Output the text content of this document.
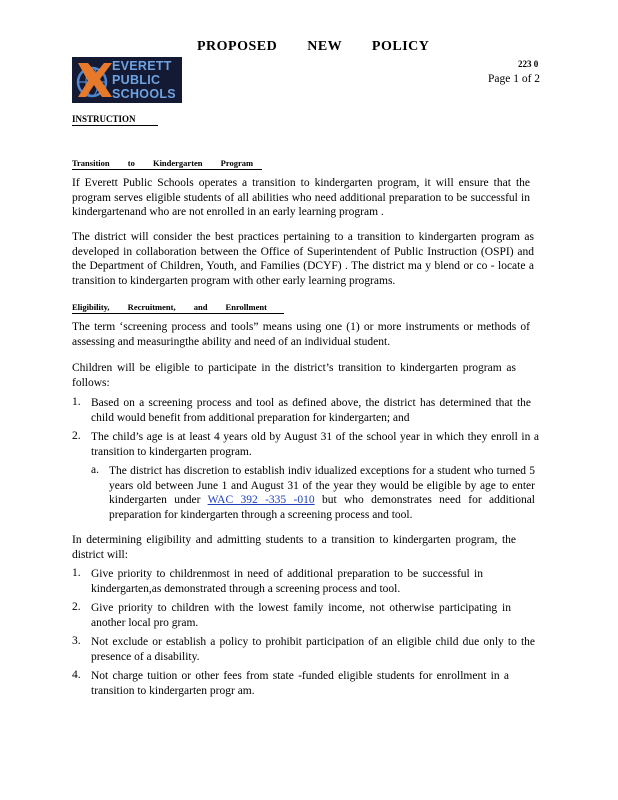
PROPOSED NEW POLICY
EVERETT
PUBLIC
SCHOOLS
223 0
Page 1 of 2
INSTRUCTION
Transition to Kindergarten Program
If Everett Public Schools operates a transition to kindergarten program, it will ensure that the program serves eligible students of all abilities who need additional preparation to be successful in kindergartenand who are not enrolled in an early learning program .
The district will consider the best practices pertaining to a transition to kindergarten program as developed in collaboration between the Office of Superintendent of Public Instruction (OSPI) and the Department of Children, Youth, and Families (DCYF) . The district ma y blend or co - locate a transition to kindergarten program with other early learning programs.
Eligibility, Recruitment, and Enrollment
The term ‘screening process and tools” means using one (1) or more instruments or methods of assessing and measuringthe ability and need of an individual student.
Children will be eligible to participate in the district’s transition to kindergarten program as follows:
1. Based on a screening process and tool as defined above, the district has determined that the child would benefit from additional preparation for kindergarten; and
2. The child’s age is at least 4 years old by August 31 of the school year in which they enroll in a transition to kindergarten program.
a. The district has discretion to establish indiv idualized exceptions for a student who turned 5 years old between June 1 and August 31 of the year they would be eligible by age to enter kindergarten under WAC 392 -335 -010 but who demonstrates need for additional preparation for kindergarten through a screening process and tool.
In determining eligibility and admitting students to a transition to kindergarten program, the district will:
1. Give priority to childrenmost in need of additional preparation to be successful in kindergarten,as demonstrated through a screening process and tool.
2. Give priority to children with the lowest family income, not otherwise participating in another local pro gram.
3. Not exclude or establish a policy to prohibit participation of an eligible child due only to the presence of a disability.
4. Not charge tuition or other fees from state -funded eligible students for enrollment in a transition to kindergarten progr am.
